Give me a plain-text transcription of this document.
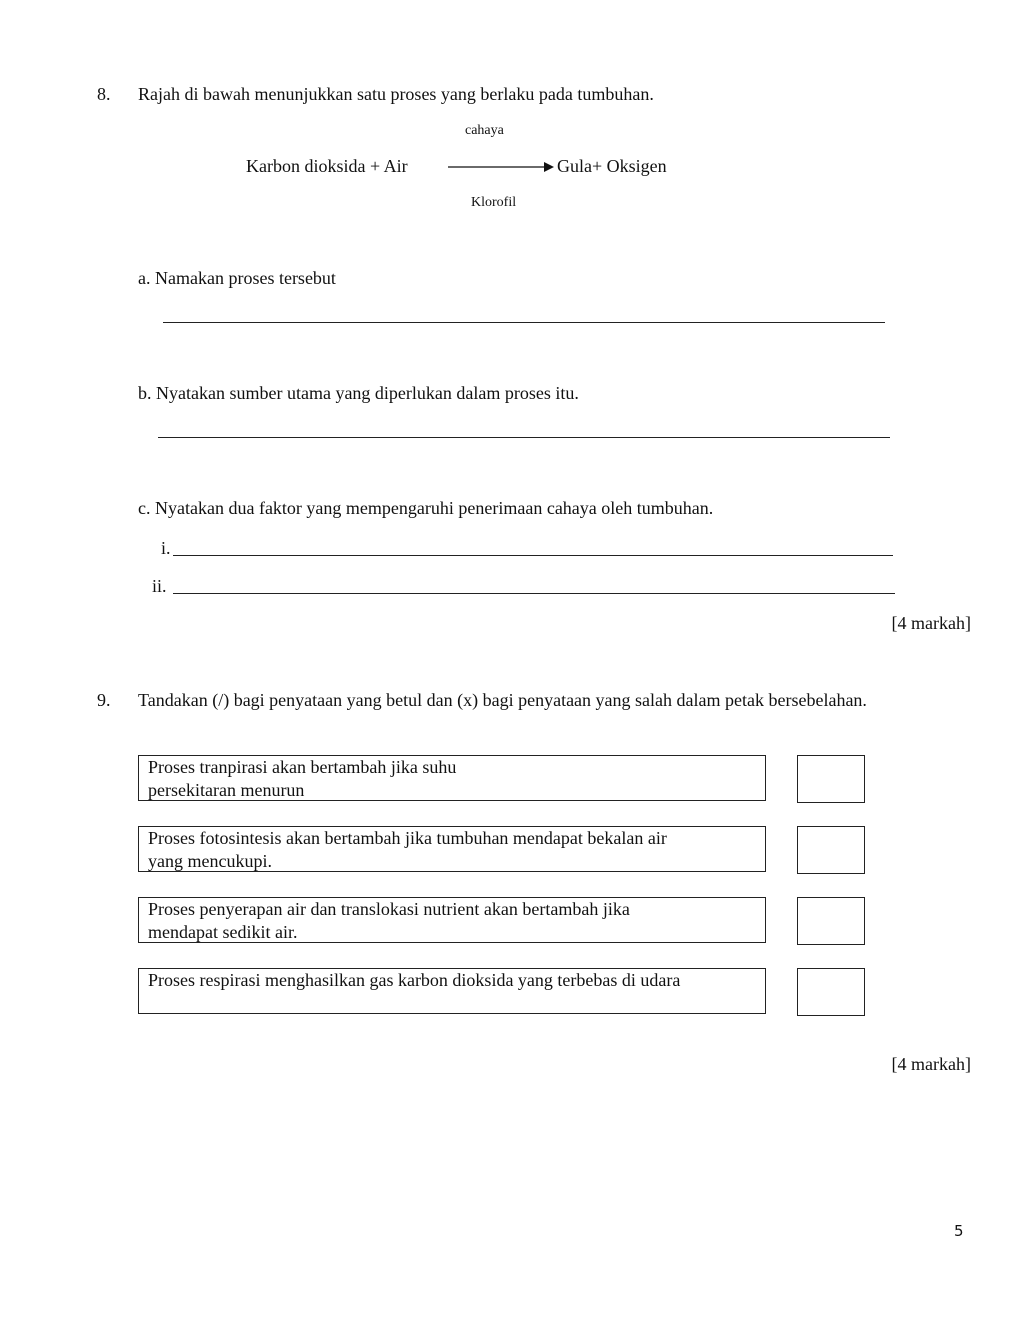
8. Rajah di bawah menunjukkan satu proses yang berlaku pada tumbuhan.
cahaya
Karbon dioksida + Air	Gula+ Oksigen
Klorofil
a. Namakan proses tersebut
b. Nyatakan sumber utama yang diperlukan dalam proses itu.
c. Nyatakan dua faktor yang mempengaruhi penerimaan cahaya oleh tumbuhan.
i.
ii.
[4 markah]
9. Tandakan (/) bagi penyataan yang betul dan (x) bagi penyataan yang salah dalam petak bersebelahan.
Proses tranpirasi akan bertambah jika suhu
persekitaran menurun
Proses fotosintesis akan bertambah jika tumbuhan mendapat bekalan air
yang mencukupi.
Proses penyerapan air dan translokasi nutrient akan bertambah jika
mendapat sedikit air.
Proses respirasi menghasilkan gas karbon dioksida yang terbebas di udara
[4 markah]
5
